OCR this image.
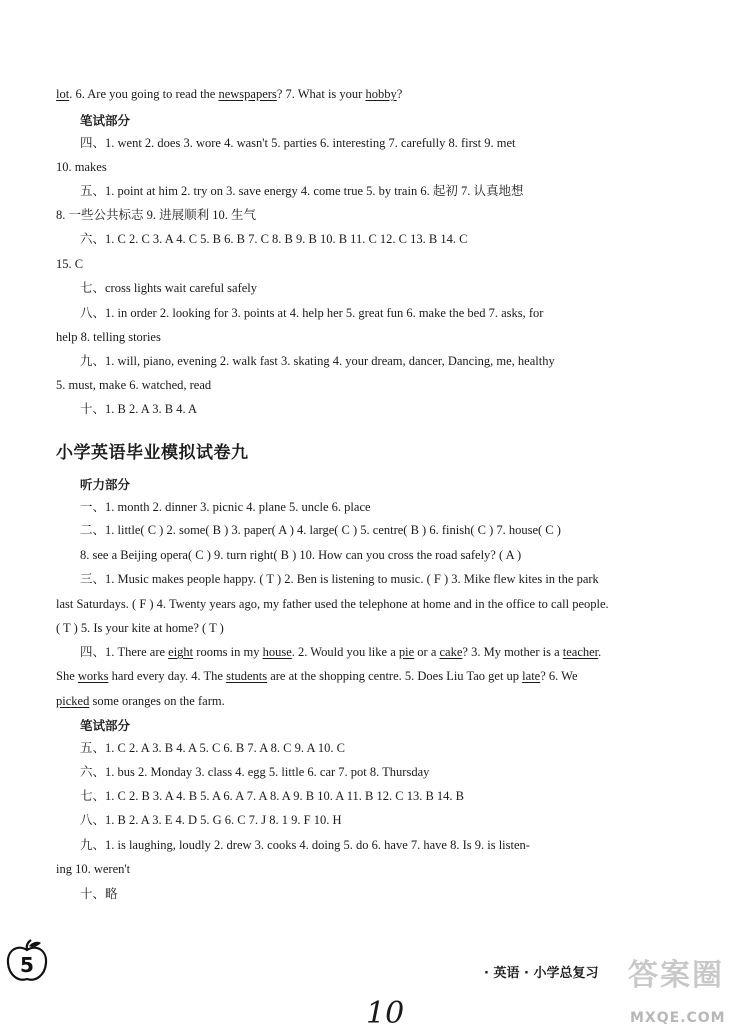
lot. 6. Are you going to read the newspapers? 7. What is your hobby?
笔试部分
四、1. went 2. does 3. wore 4. wasn't 5. parties 6. interesting 7. carefully 8. first 9. met
10. makes
五、1. point at him 2. try on 3. save energy 4. come true 5. by train 6. 起初 7. 认真地想
8. 一些公共标志 9. 进展顺利 10. 生气
六、1. C 2. C 3. A 4. C 5. B 6. B 7. C 8. B 9. B 10. B 11. C 12. C 13. B 14. C
15. C
七、cross lights wait careful safely
八、1. in order 2. looking for 3. points at 4. help her 5. great fun 6. make the bed 7. asks, for
help 8. telling stories
九、1. will, piano, evening 2. walk fast 3. skating 4. your dream, dancer, Dancing, me, healthy
5. must, make 6. watched, read
十、1. B 2. A 3. B 4. A
小学英语毕业模拟试卷九
听力部分
一、1. month 2. dinner 3. picnic 4. plane 5. uncle 6. place
二、1. little( C ) 2. some( B ) 3. paper( A ) 4. large( C ) 5. centre( B ) 6. finish( C ) 7. house( C )
8. see a Beijing opera( C ) 9. turn right( B ) 10. How can you cross the road safely? ( A )
三、1. Music makes people happy. ( T ) 2. Ben is listening to music. ( F ) 3. Mike flew kites in the park
last Saturdays. ( F ) 4. Twenty years ago, my father used the telephone at home and in the office to call people.
( T ) 5. Is your kite at home? ( T )
四、1. There are eight rooms in my house. 2. Would you like a pie or a cake? 3. My mother is a teacher.
She works hard every day. 4. The students are at the shopping centre. 5. Does Liu Tao get up late? 6. We
picked some oranges on the farm.
笔试部分
五、1. C 2. A 3. B 4. A 5. C 6. B 7. A 8. C 9. A 10. C
六、1. bus 2. Monday 3. class 4. egg 5. little 6. car 7. pot 8. Thursday
七、1. C 2. B 3. A 4. B 5. A 6. A 7. A 8. A 9. B 10. A 11. B 12. C 13. B 14. B
八、1. B 2. A 3. E 4. D 5. G 6. C 7. J 8. 1 9. F 10. H
九、1. is laughing, loudly 2. drew 3. cooks 4. doing 5. do 6. have 7. have 8. Is 9. is listen-
ing 10. weren't
十、略
5	· 英语 · 小学总复习 答案圈
MXQE.COM
10
